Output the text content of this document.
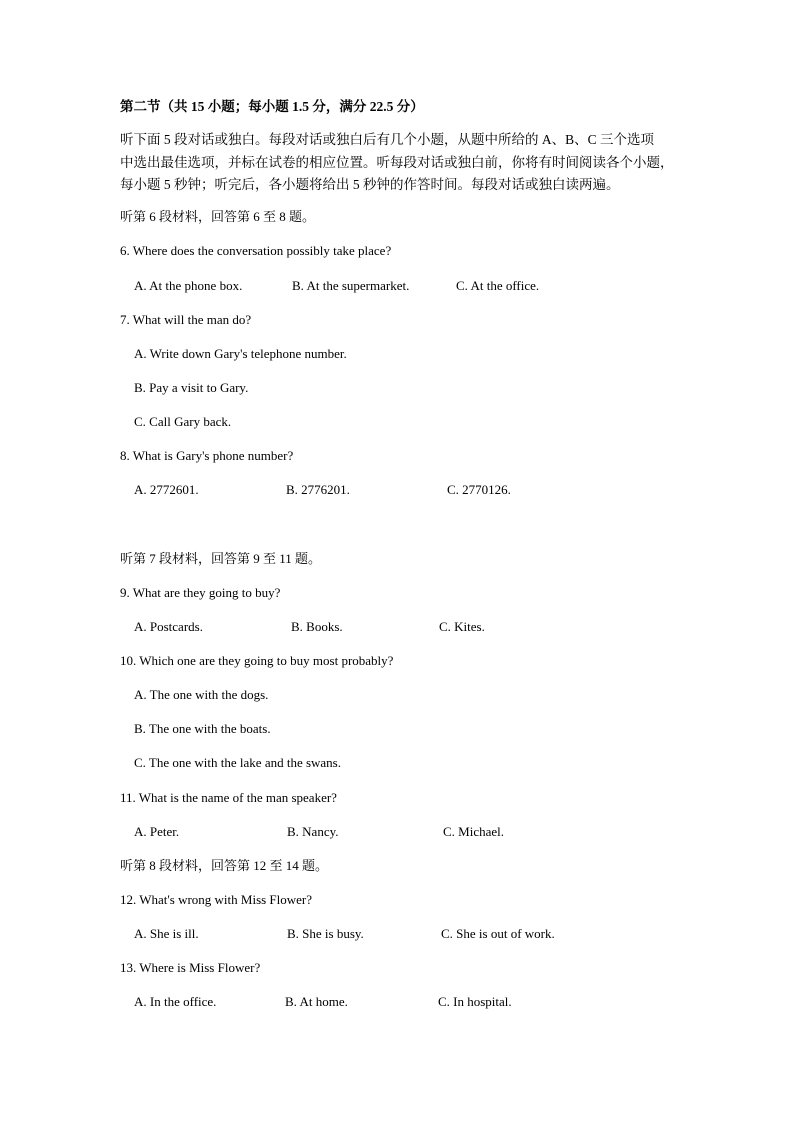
第二节（共 15 小题；每小题 1.5 分，满分 22.5 分）
听下面 5 段对话或独白。每段对话或独白后有几个小题，从题中所给的 A、B、C 三个选项
中选出最佳选项，并标在试卷的相应位置。听每段对话或独白前，你将有时间阅读各个小题，
每小题 5 秒钟；听完后，各小题将给出 5 秒钟的作答时间。每段对话或独白读两遍。
听第 6 段材料，回答第 6 至 8 题。
6. Where does the conversation possibly take place?
A. At the phone box.	B. At the supermarket.	C. At the office.
7. What will the man do?
A. Write down Gary's telephone number.
B. Pay a visit to Gary.
C. Call Gary back.
8. What is Gary's phone number?
A. 2772601.	B. 2776201.	C. 2770126.
听第 7 段材料，回答第 9 至 11 题。
9. What are they going to buy?
A. Postcards.	B. Books.	C. Kites.
10. Which one are they going to buy most probably?
A. The one with the dogs.
B. The one with the boats.
C. The one with the lake and the swans.
11. What is the name of the man speaker?
A. Peter.	B. Nancy.	C. Michael.
听第 8 段材料，回答第 12 至 14 题。
12. What's wrong with Miss Flower?
A. She is ill.	B. She is busy.	C. She is out of work.
13. Where is Miss Flower?
A. In the office.	B. At home.	C. In hospital.
